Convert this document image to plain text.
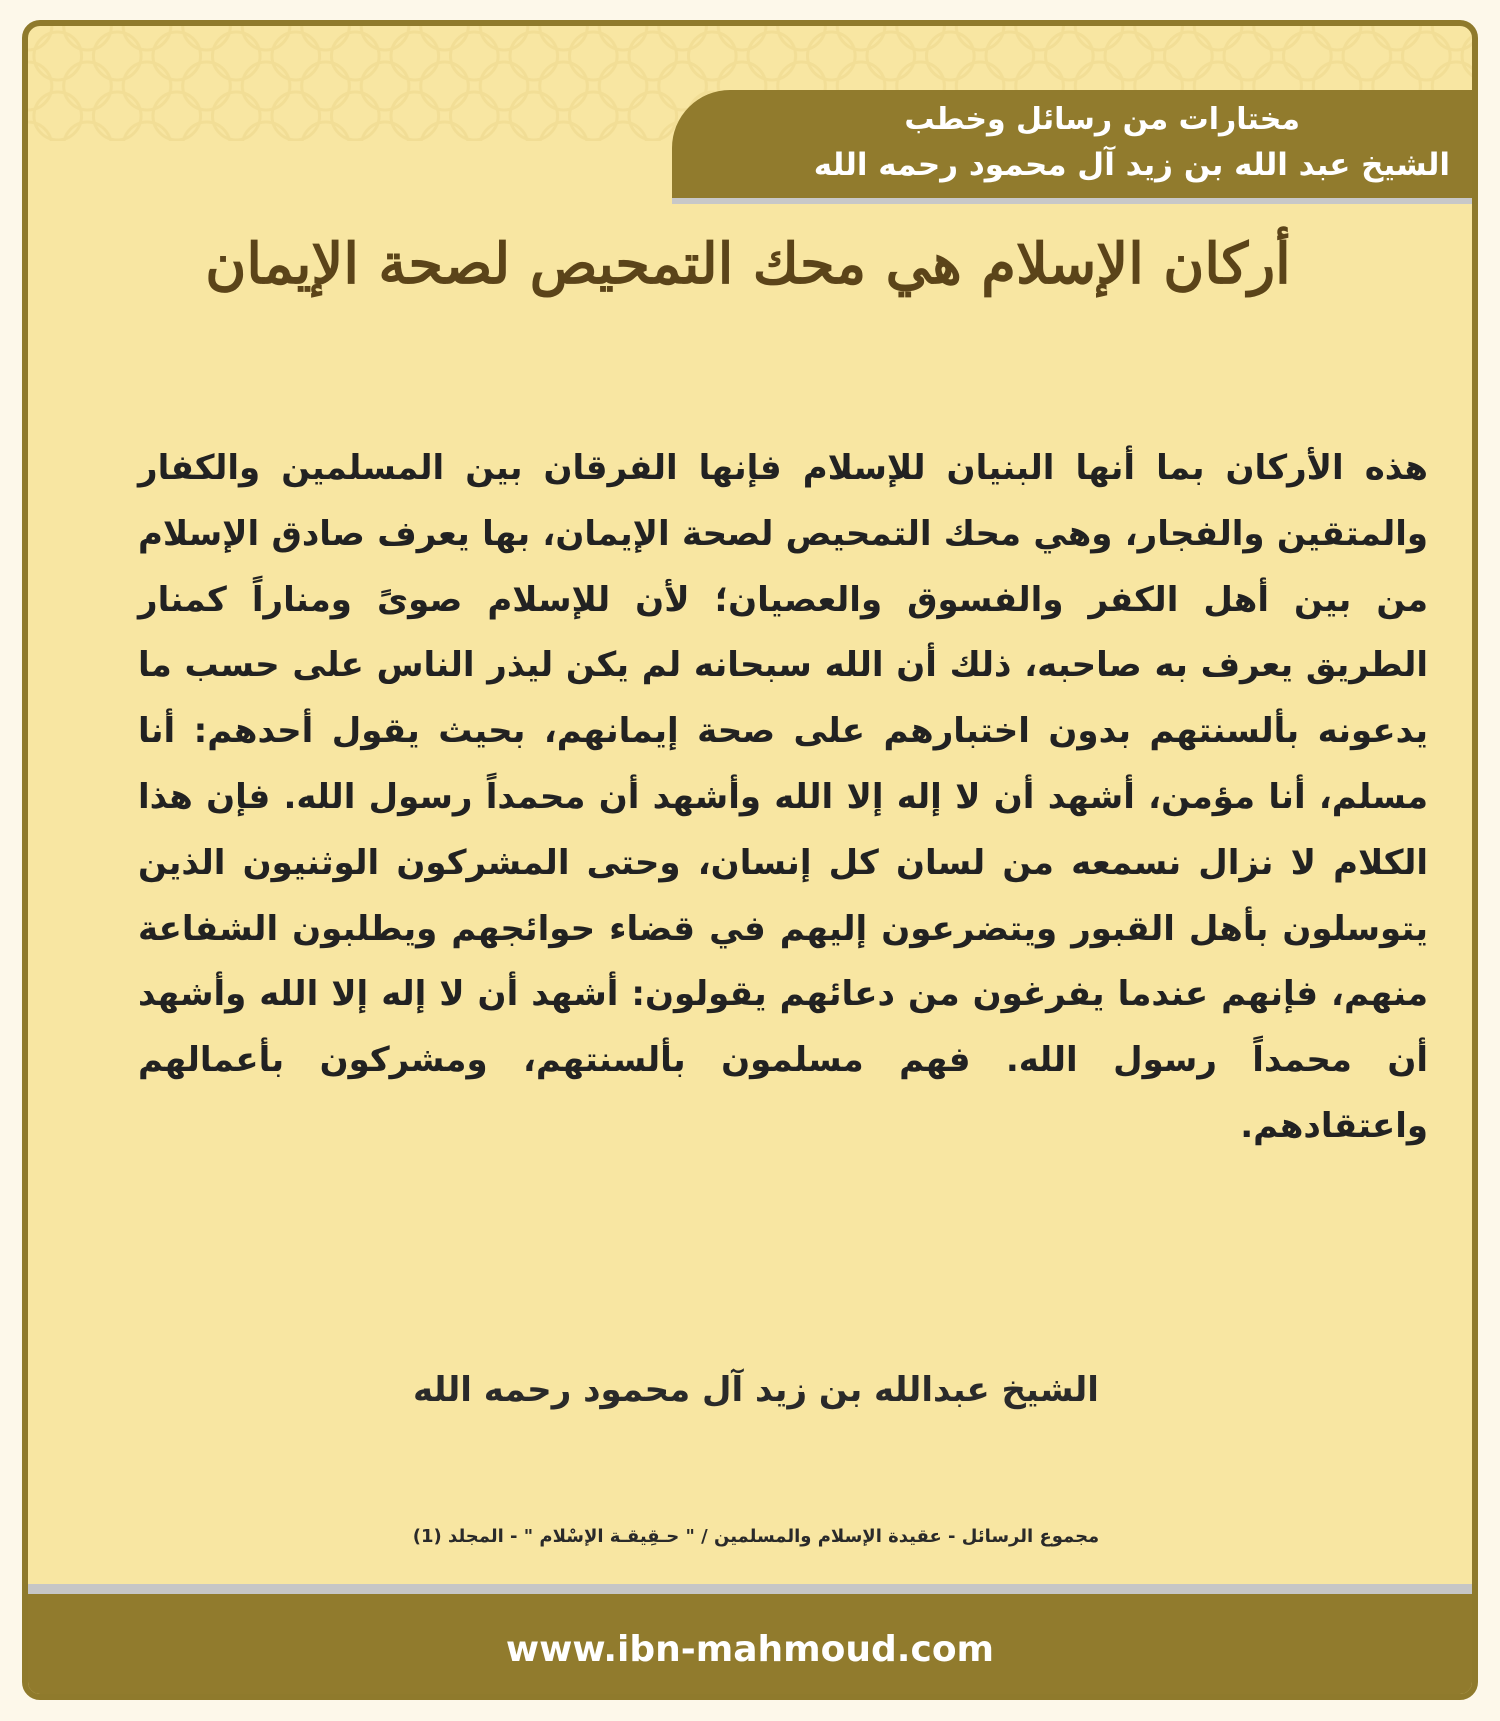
مختارات من رسائل وخطب
الشيخ عبد الله بن زيد آل محمود رحمه الله
أركان الإسلام هي محك التمحيص لصحة الإيمان
هذه الأركان بما أنها البنيان للإسلام فإنها الفرقان بين المسلمين والكفار والمتقين والفجار، وهي محك التمحيص لصحة الإيمان، بها يعرف صادق الإسلام من بين أهل الكفر والفسوق والعصيان؛ لأن للإسلام صوىً ومناراً كمنار الطريق يعرف به صاحبه، ذلك أن الله سبحانه لم يكن ليذر الناس على حسب ما يدعونه بألسنتهم بدون اختبارهم على صحة إيمانهم، بحيث يقول أحدهم: أنا مسلم، أنا مؤمن، أشهد أن لا إله إلا الله وأشهد أن محمداً رسول الله. فإن هذا الكلام لا نزال نسمعه من لسان كل إنسان، وحتى المشركون الوثنيون الذين يتوسلون بأهل القبور ويتضرعون إليهم في قضاء حوائجهم ويطلبون الشفاعة منهم، فإنهم عندما يفرغون من دعائهم يقولون: أشهد أن لا إله إلا الله وأشهد أن محمداً رسول الله. فهم مسلمون بألسنتهم، ومشركون بأعمالهم واعتقادهم.
الشيخ عبدالله بن زيد آل محمود رحمه الله
مجموع الرسائل - عقيدة الإسلام والمسلمين / " حـقِيقـة الإسْلام " - المجلد (1)
www.ibn-mahmoud.com
